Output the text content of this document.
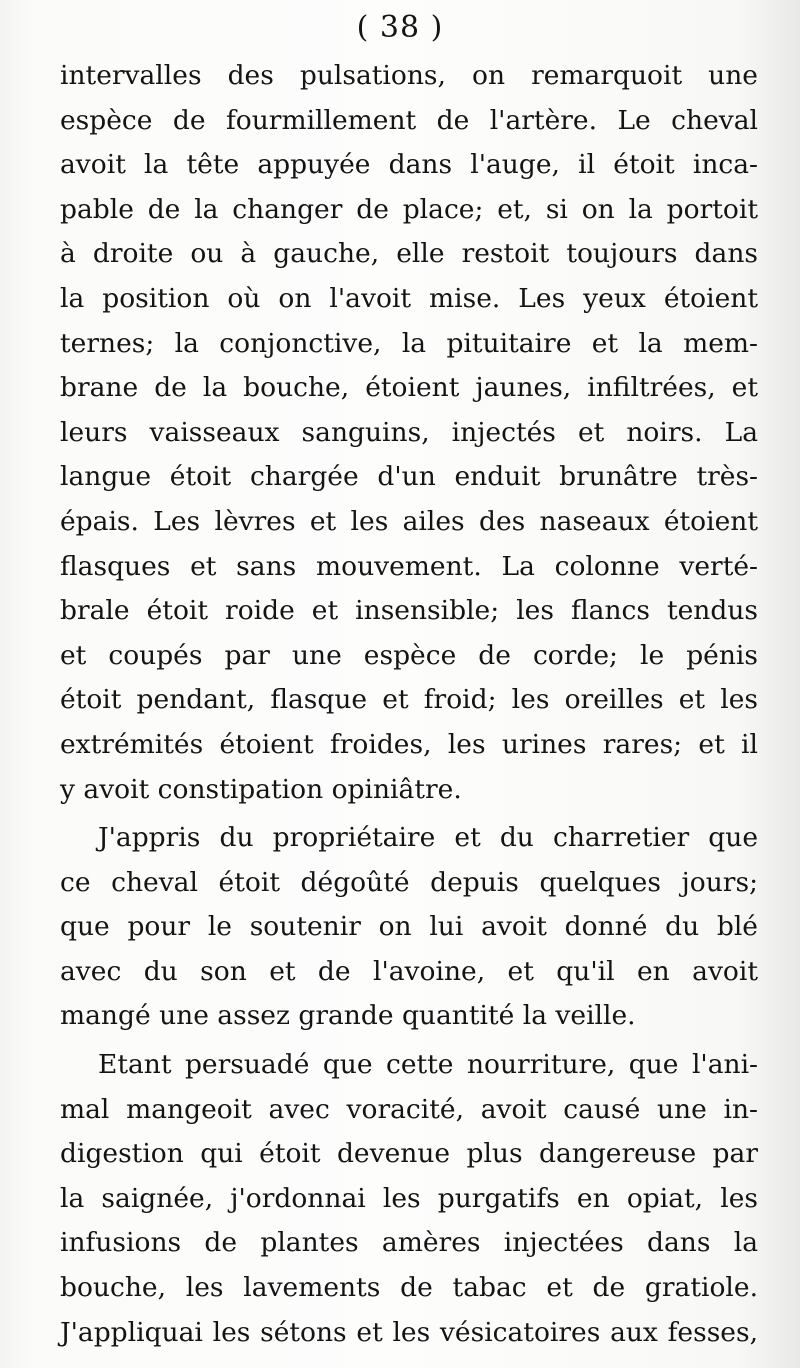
( 38 )
intervalles des pulsations, on remarquoit une
espèce de fourmillement de l'artère. Le cheval
avoit la tête appuyée dans l'auge, il étoit inca-
pable de la changer de place; et, si on la portoit
à droite ou à gauche, elle restoit toujours dans
la position où on l'avoit mise. Les yeux étoient
ternes; la conjonctive, la pituitaire et la mem-
brane de la bouche, étoient jaunes, infiltrées, et
leurs vaisseaux sanguins, injectés et noirs. La
langue étoit chargée d'un enduit brunâtre très-
épais. Les lèvres et les ailes des naseaux étoient
flasques et sans mouvement. La colonne verté-
brale étoit roide et insensible; les flancs tendus
et coupés par une espèce de corde; le pénis
étoit pendant, flasque et froid; les oreilles et les
extrémités étoient froides, les urines rares; et il
y avoit constipation opiniâtre.
J'appris du propriétaire et du charretier que
ce cheval étoit dégoûté depuis quelques jours;
que pour le soutenir on lui avoit donné du blé
avec du son et de l'avoine, et qu'il en avoit
mangé une assez grande quantité la veille.
Etant persuadé que cette nourriture, que l'ani-
mal mangeoit avec voracité, avoit causé une in-
digestion qui étoit devenue plus dangereuse par
la saignée, j'ordonnai les purgatifs en opiat, les
infusions de plantes amères injectées dans la
bouche, les lavements de tabac et de gratiole.
J'appliquai les sétons et les vésicatoires aux fesses,
